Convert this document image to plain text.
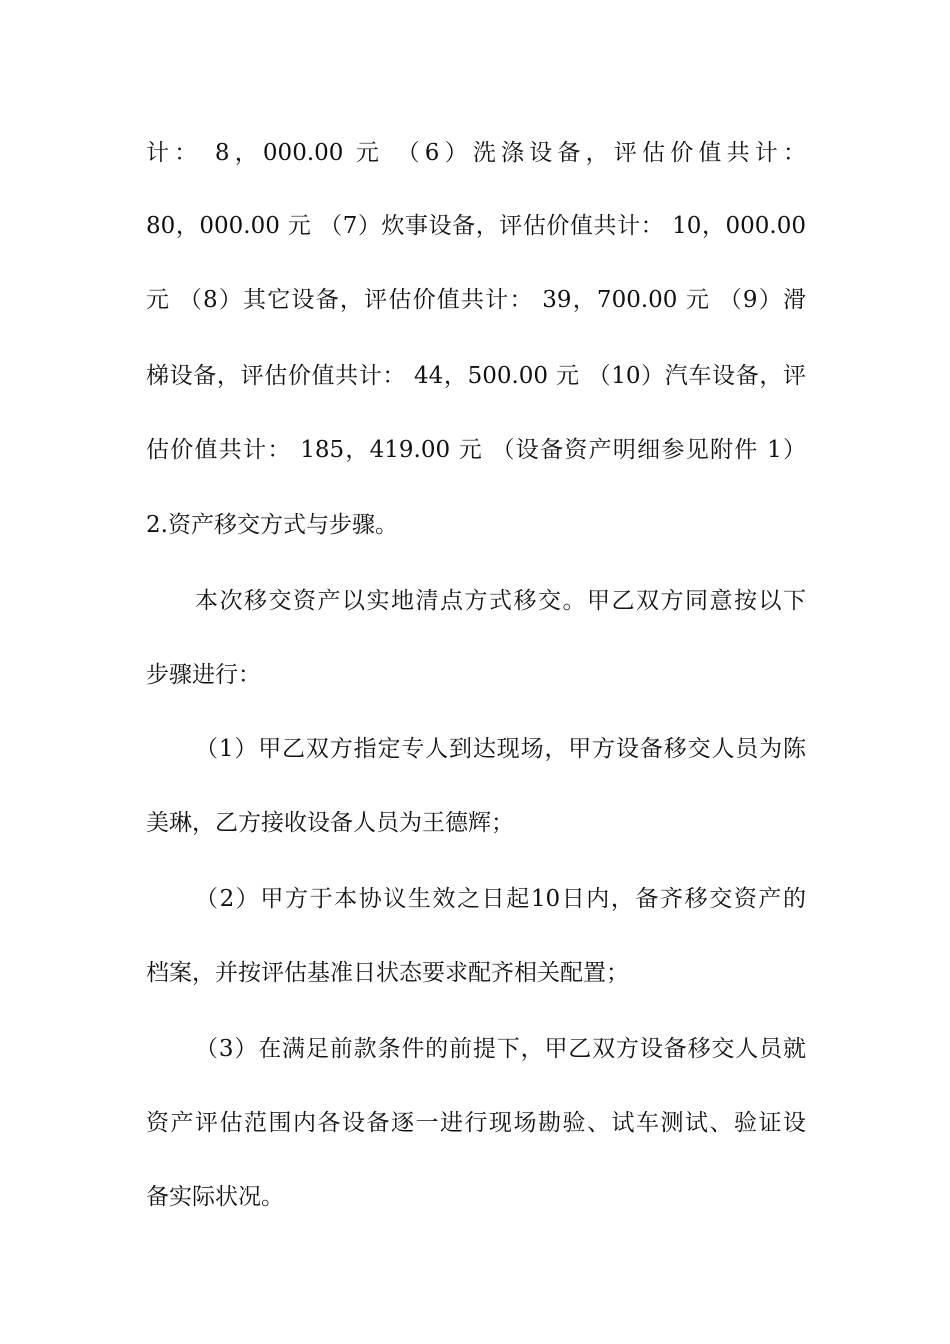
计： 8，000.00 元 （6）洗涤设备，评估价值共计：
80，000.00 元 （7）炊事设备，评估价值共计： 10，000.00
元 （8）其它设备，评估价值共计： 39，700.00 元 （9）滑
梯设备，评估价值共计： 44，500.00 元 （10）汽车设备，评
估价值共计： 185，419.00 元 （设备资产明细参见附件 1）
2.资产移交方式与步骤。
本次移交资产以实地清点方式移交。甲乙双方同意按以下
步骤进行：
（1）甲乙双方指定专人到达现场，甲方设备移交人员为陈
美琳，乙方接收设备人员为王德辉；
（2）甲方于本协议生效之日起10日内，备齐移交资产的
档案，并按评估基准日状态要求配齐相关配置；
（3）在满足前款条件的前提下，甲乙双方设备移交人员就
资产评估范围内各设备逐一进行现场勘验、试车测试、验证设
备实际状况。
